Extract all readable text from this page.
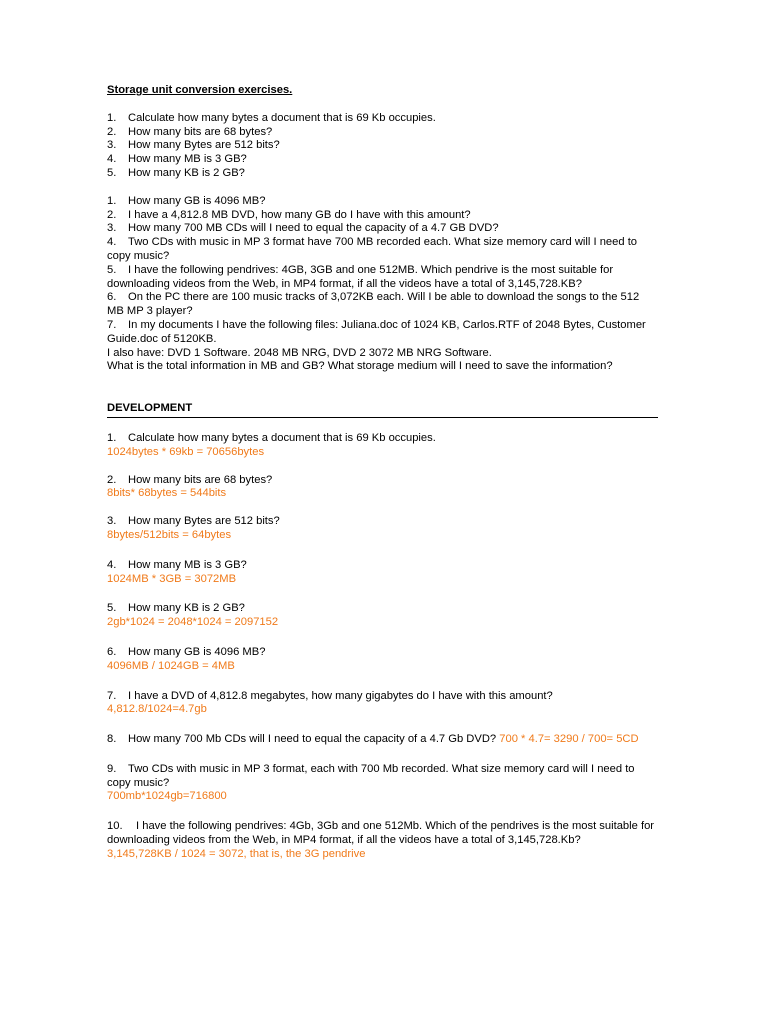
Storage unit conversion exercises.

1. Calculate how many bytes a document that is 69 Kb occupies.

2. How many bits are 68 bytes?

3. How many Bytes are 512 bits?

4. How many MB is 3 GB?

5. How many KB is 2 GB?

1. How many GB is 4096 MB?

2. I have a 4,812.8 MB DVD, how many GB do I have with this amount?

3. How many 700 MB CDs will I need to equal the capacity of a 4.7 GB DVD?

4. Two CDs with music in MP 3 format have 700 MB recorded each. What size memory card will I need to copy music?

5. I have the following pendrives: 4GB, 3GB and one 512MB. Which pendrive is the most suitable for downloading videos from the Web, in MP4 format, if all the videos have a total of 3,145,728.KB?

6. On the PC there are 100 music tracks of 3,072KB each. Will I be able to download the songs to the 512 MB MP 3 player?

7. In my documents I have the following files: Juliana.doc of 1024 KB, Carlos.RTF of 2048 Bytes, Customer Guide.doc of 5120KB.

I also have: DVD 1 Software. 2048 MB NRG, DVD 2 3072 MB NRG Software.

What is the total information in MB and GB? What storage medium will I need to save the information?

DEVELOPMENT

1. Calculate how many bytes a document that is 69 Kb occupies.

1024bytes * 69kb = 70656bytes

2. How many bits are 68 bytes?

8bits* 68bytes = 544bits

3. How many Bytes are 512 bits?

8bytes/512bits = 64bytes

4. How many MB is 3 GB?

1024MB * 3GB = 3072MB

5. How many KB is 2 GB?

2gb*1024 = 2048*1024 = 2097152

6. How many GB is 4096 MB?

4096MB / 1024GB = 4MB

7. I have a DVD of 4,812.8 megabytes, how many gigabytes do I have with this amount?

4,812.8/1024=4.7gb

8. How many 700 Mb CDs will I need to equal the capacity of a 4.7 Gb DVD? 700 * 4.7= 3290 / 700= 5CD

9. Two CDs with music in MP 3 format, each with 700 Mb recorded. What size memory card will I need to copy music?

700mb*1024gb=716800

10. I have the following pendrives: 4Gb, 3Gb and one 512Mb. Which of the pendrives is the most suitable for downloading videos from the Web, in MP4 format, if all the videos have a total of 3,145,728.Kb?

3,145,728KB / 1024 = 3072, that is, the 3G pendrive
